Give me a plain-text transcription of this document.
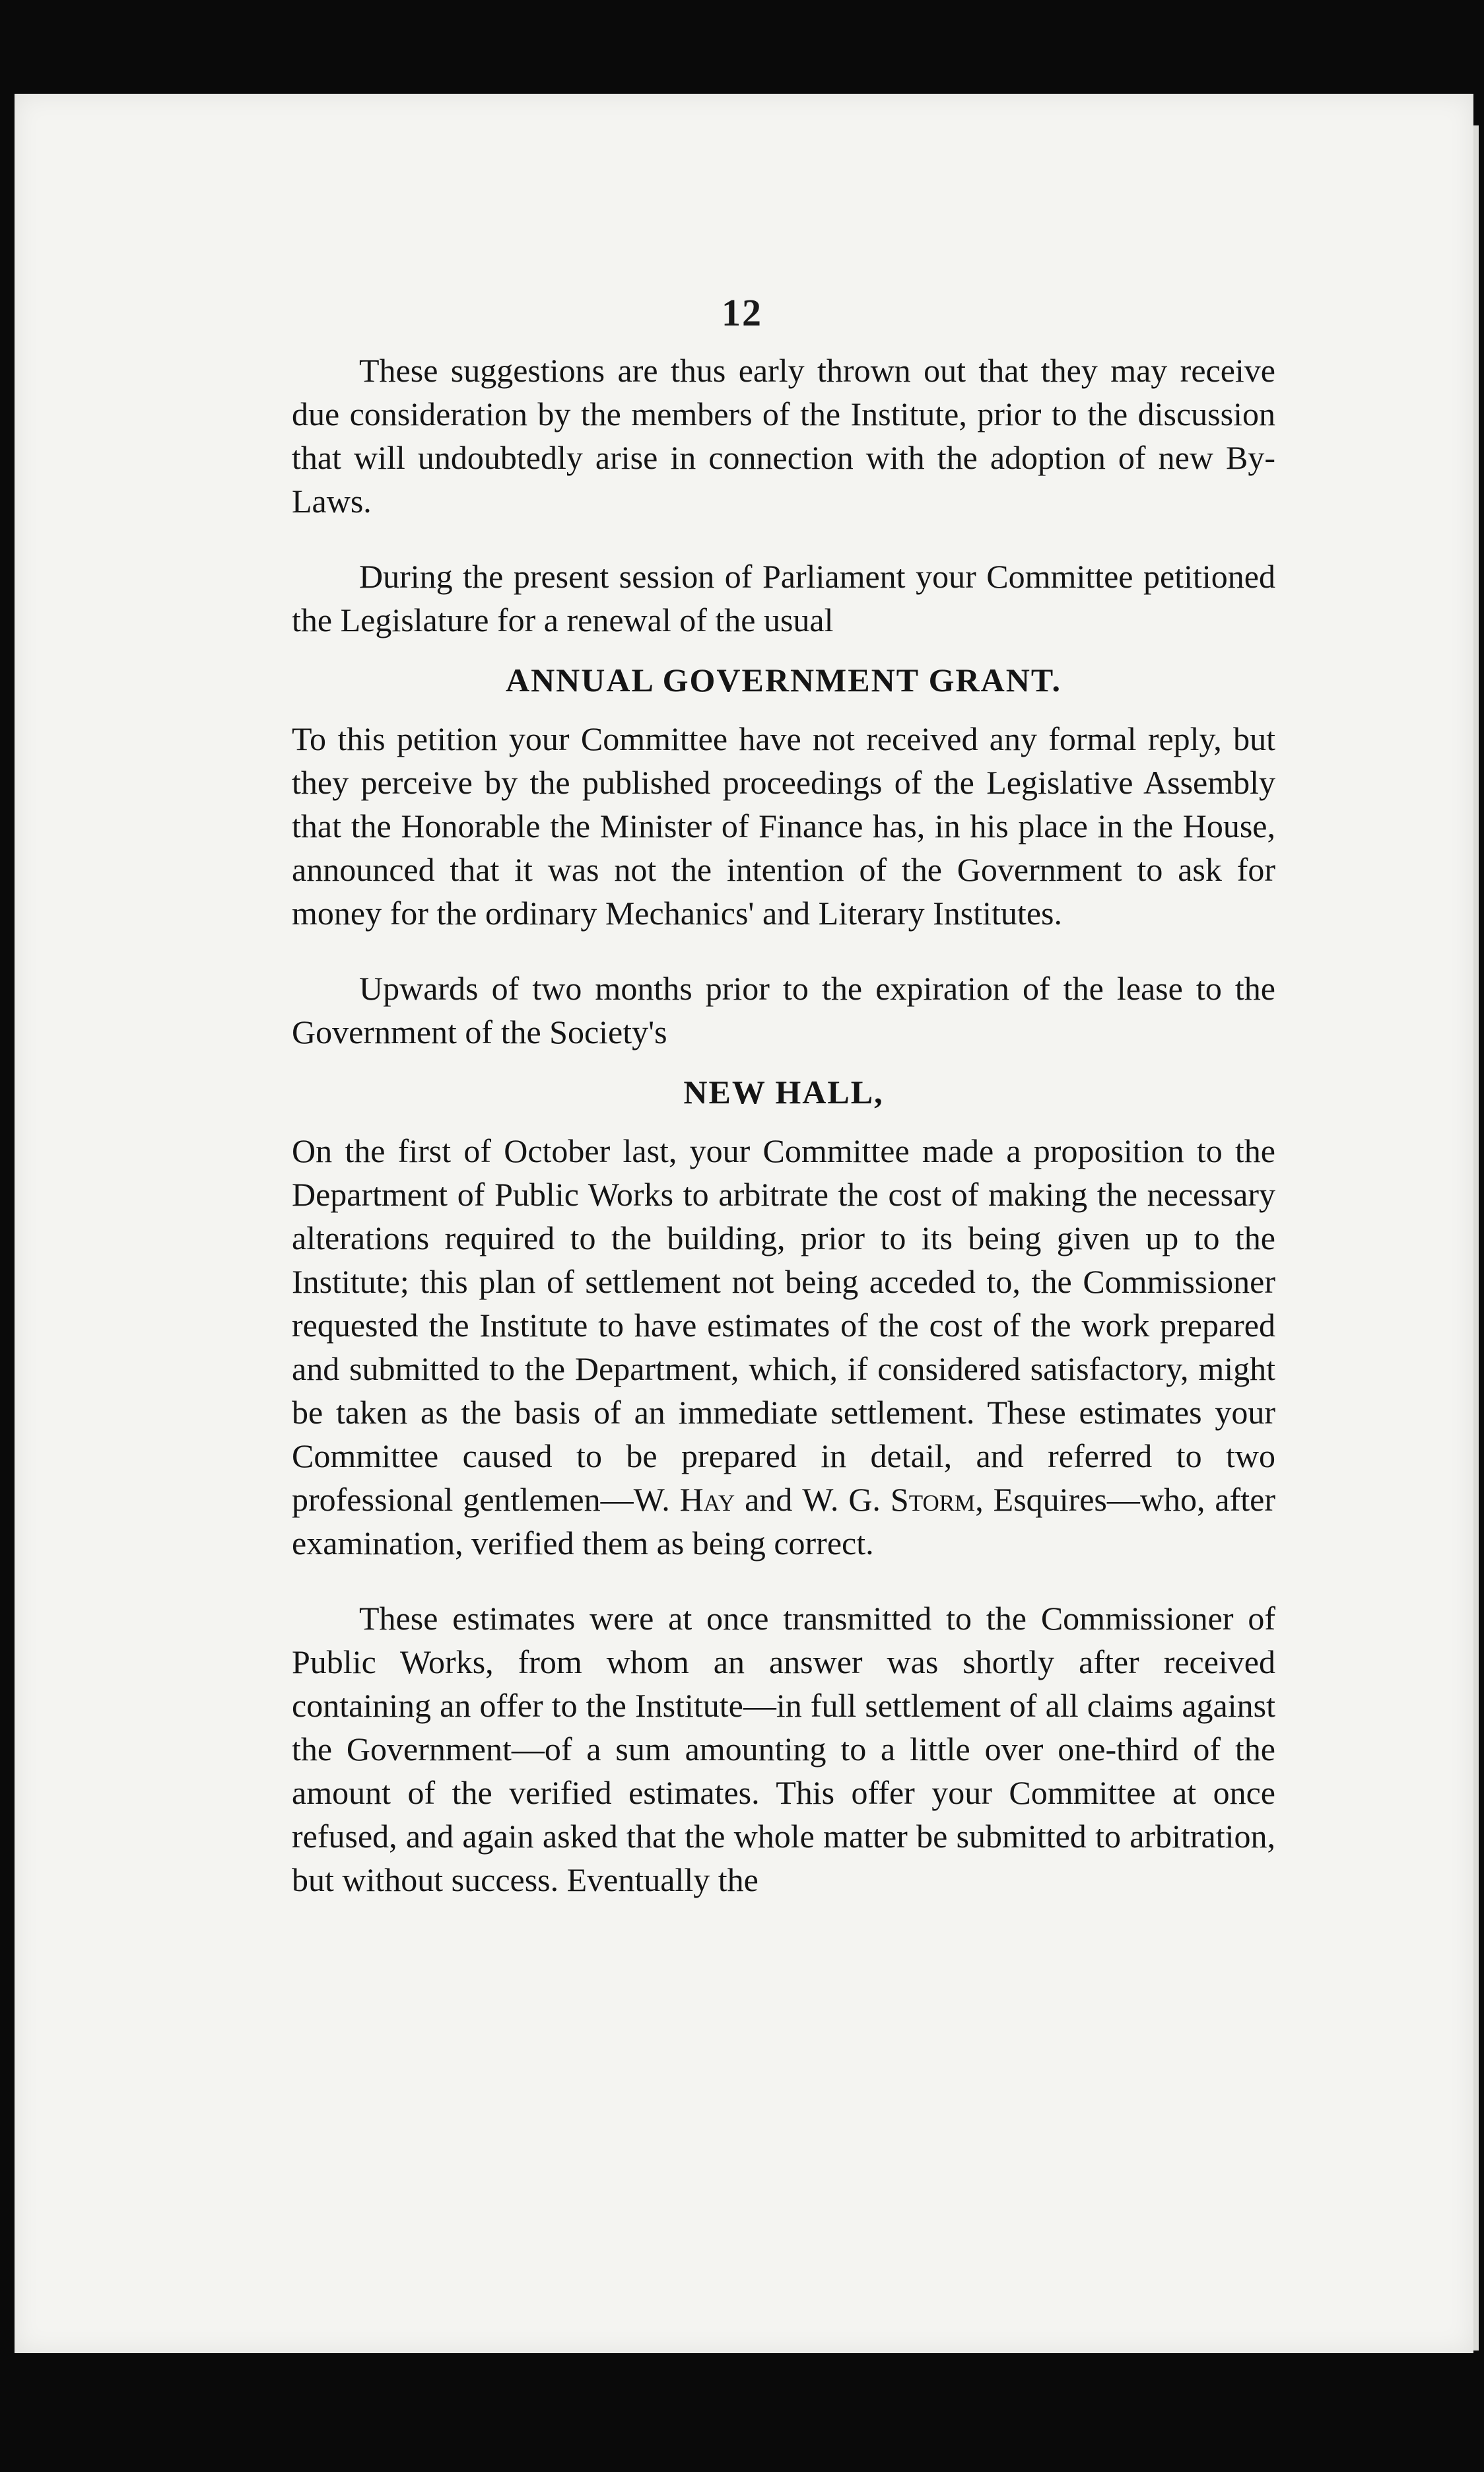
12

These suggestions are thus early thrown out that they may receive due consideration by the members of the Institute, prior to the discussion that will undoubtedly arise in connection with the adoption of new By-Laws.

During the present session of Parliament your Committee petitioned the Legislature for a renewal of the usual

ANNUAL GOVERNMENT GRANT.

To this petition your Committee have not received any formal reply, but they perceive by the published proceedings of the Legislative Assembly that the Honorable the Minister of Finance has, in his place in the House, announced that it was not the intention of the Government to ask for money for the ordinary Mechanics' and Literary Institutes.

Upwards of two months prior to the expiration of the lease to the Government of the Society's

NEW HALL,

On the first of October last, your Committee made a proposition to the Department of Public Works to arbitrate the cost of making the necessary alterations required to the building, prior to its being given up to the Institute; this plan of settlement not being acceded to, the Commissioner requested the Institute to have estimates of the cost of the work prepared and submitted to the Department, which, if considered satisfactory, might be taken as the basis of an immediate settlement. These estimates your Committee caused to be prepared in detail, and referred to two professional gentlemen—W. Hay and W. G. Storm, Esquires—who, after examination, verified them as being correct.

These estimates were at once transmitted to the Commissioner of Public Works, from whom an answer was shortly after received containing an offer to the Institute—in full settlement of all claims against the Government—of a sum amounting to a little over one-third of the amount of the verified estimates. This offer your Committee at once refused, and again asked that the whole matter be submitted to arbitration, but without success. Eventually the
